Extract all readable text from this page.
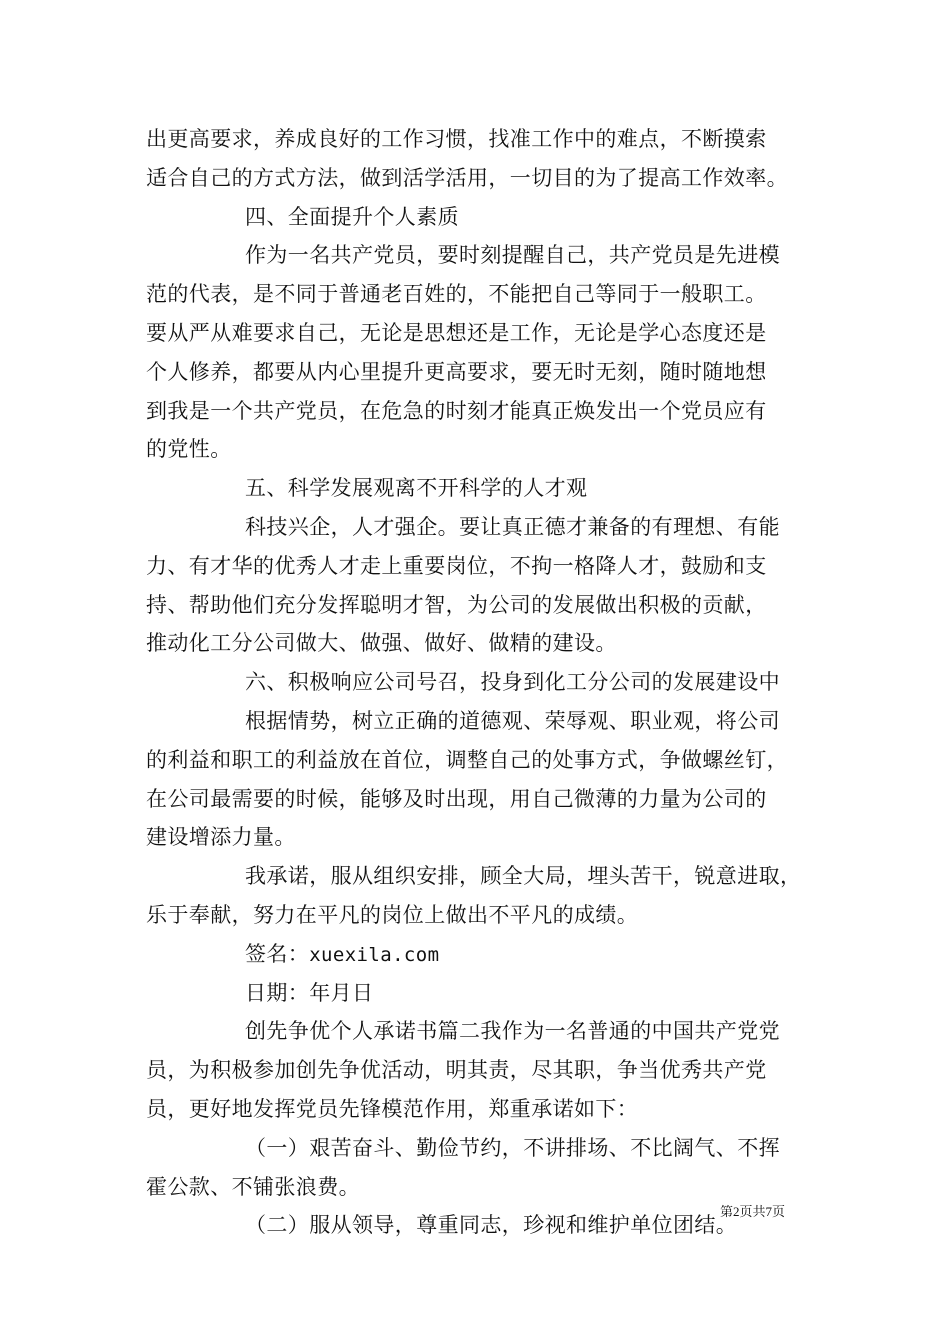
出更高要求，养成良好的工作习惯，找准工作中的难点，不断摸索
适合自己的方式方法，做到活学活用，一切目的为了提高工作效率。
四、全面提升个人素质
作为一名共产党员，要时刻提醒自己，共产党员是先进模
范的代表，是不同于普通老百姓的，不能把自己等同于一般职工。
要从严从难要求自己，无论是思想还是工作，无论是学心态度还是
个人修养，都要从内心里提升更高要求，要无时无刻，随时随地想
到我是一个共产党员，在危急的时刻才能真正焕发出一个党员应有
的党性。
五、科学发展观离不开科学的人才观
科技兴企，人才强企。要让真正德才兼备的有理想、有能
力、有才华的优秀人才走上重要岗位，不拘一格降人才，鼓励和支
持、帮助他们充分发挥聪明才智，为公司的发展做出积极的贡献，
推动化工分公司做大、做强、做好、做精的建设。
六、积极响应公司号召，投身到化工分公司的发展建设中
根据情势，树立正确的道德观、荣辱观、职业观，将公司
的利益和职工的利益放在首位，调整自己的处事方式，争做螺丝钉，
在公司最需要的时候，能够及时出现，用自己微薄的力量为公司的
建设增添力量。
我承诺，服从组织安排，顾全大局，埋头苦干，锐意进取，
乐于奉献，努力在平凡的岗位上做出不平凡的成绩。
签名：xuexila.com
日期：年月日
创先争优个人承诺书篇二我作为一名普通的中国共产党党
员，为积极参加创先争优活动，明其责，尽其职，争当优秀共产党
员，更好地发挥党员先锋模范作用，郑重承诺如下：
（一）艰苦奋斗、勤俭节约，不讲排场、不比阔气、不挥
霍公款、不铺张浪费。
（二）服从领导，尊重同志，珍视和维护单位团结。
第2页共7页
